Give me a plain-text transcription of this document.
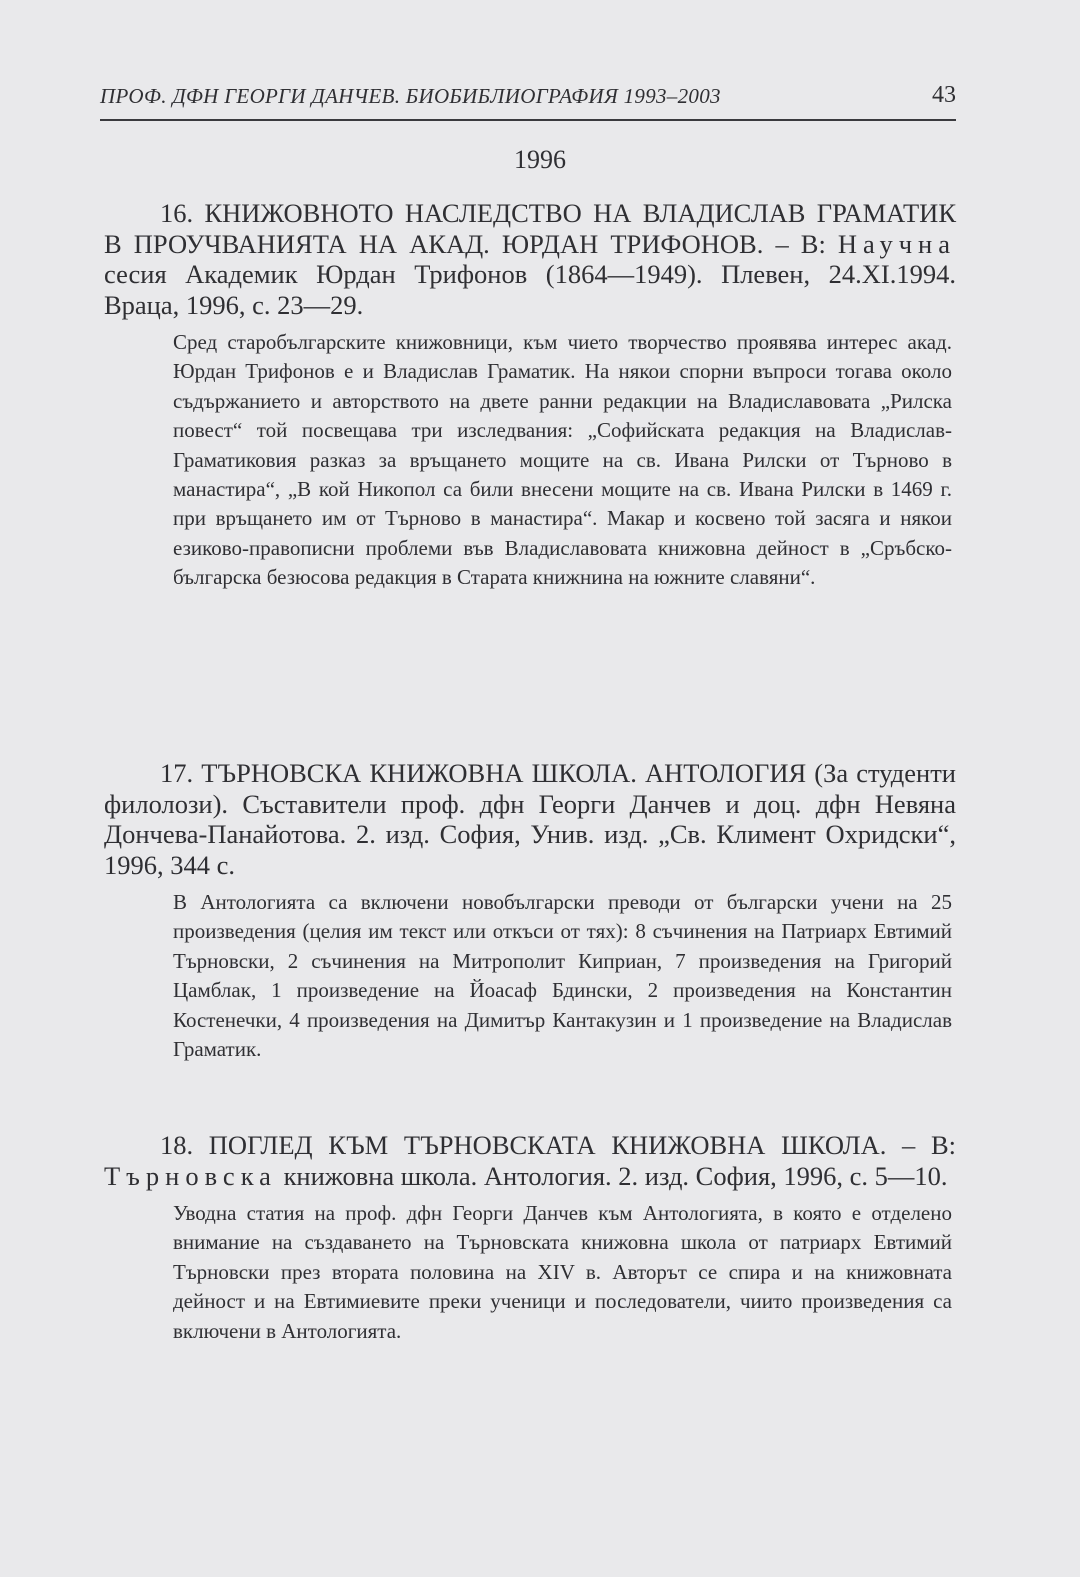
ПРОФ. ДФН ГЕОРГИ ДАНЧЕВ. БИОБИБЛИОГРАФИЯ 1993–2003	43
1996
16. КНИЖОВНОТО НАСЛЕДСТВО НА ВЛАДИСЛАВ ГРАМАТИК В ПРОУЧВАНИЯТА НА АКАД. ЮРДАН ТРИФОНОВ. – В: Научна сесия Академик Юрдан Трифонов (1864—1949). Плевен, 24.XI.1994. Враца, 1996, с. 23—29.
Сред старобългарските книжовници, към чието творчество проявява интерес акад. Юрдан Трифонов е и Владислав Граматик. На някои спорни въпроси тогава около съдържанието и авторството на двете ранни редакции на Владиславовата „Рилска повест“ той посвещава три изследвания: „Софийската редакция на Владислав-Граматиковия разказ за връщането мощите на св. Ивана Рилски от Търново в манастира“, „В кой Никопол са били внесени мощите на св. Ивана Рилски в 1469 г. при връщането им от Търново в манастира“. Макар и косвено той засяга и някои езиково-правописни проблеми във Владиславовата книжовна дейност в „Сръбско-българска безюсова редакция в Старата книжнина на южните славяни“.
17. ТЪРНОВСКА КНИЖОВНА ШКОЛА. АНТОЛОГИЯ (За студенти филолози). Съставители проф. дфн Георги Данчев и доц. дфн Невяна Дончева-Панайотова. 2. изд. София, Унив. изд. „Св. Климент Охридски“, 1996, 344 с.
В Антологията са включени новобългарски преводи от български учени на 25 произведения (целия им текст или откъси от тях): 8 съчинения на Патриарх Евтимий Търновски, 2 съчинения на Митрополит Киприан, 7 произведения на Григорий Цамблак, 1 произведение на Йоасаф Бдински, 2 произведения на Константин Костенечки, 4 произведения на Димитър Кантакузин и 1 произведение на Владислав Граматик.
18. ПОГЛЕД КЪМ ТЪРНОВСКАТА КНИЖОВНА ШКОЛА. – В: Търновска книжовна школа. Антология. 2. изд. София, 1996, с. 5—10.
Уводна статия на проф. дфн Георги Данчев към Антологията, в която е отделено внимание на създаването на Търновската книжовна школа от патриарх Евтимий Търновски през втората половина на XIV в. Авторът се спира и на книжовната дейност и на Евтимиевите преки ученици и последователи, чиито произведения са включени в Антологията.
